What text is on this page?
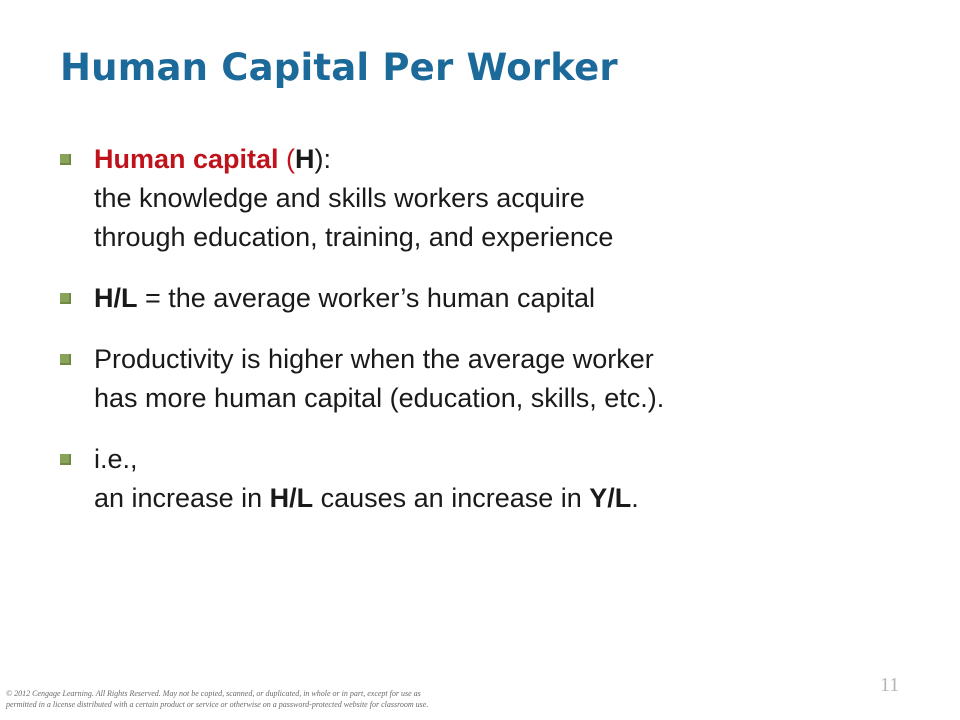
Human Capital Per Worker
Human capital (H):
the knowledge and skills workers acquire
through education, training, and experience
H/L = the average worker’s human capital
Productivity is higher when the average worker
has more human capital (education, skills, etc.).
i.e.,
an increase in H/L causes an increase in Y/L.
11
© 2012 Cengage Learning. All Rights Reserved. May not be copied, scanned, or duplicated, in whole or in part, except for use as
permitted in a license distributed with a certain product or service or otherwise on a password-protected website for classroom use.
